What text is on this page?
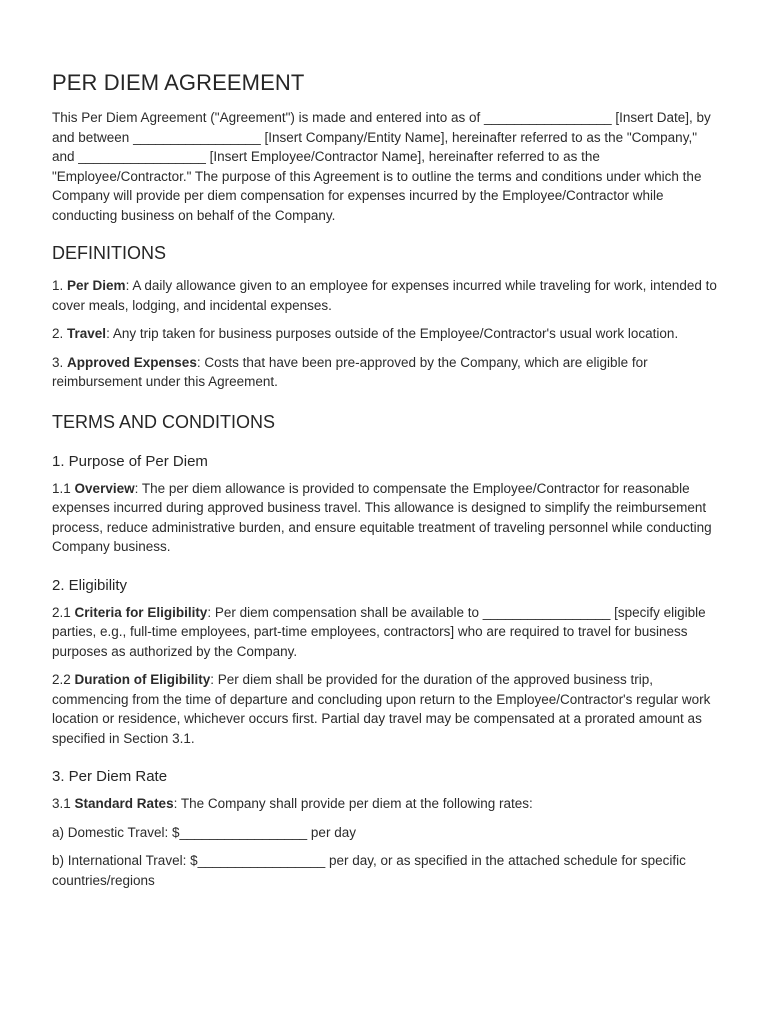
PER DIEM AGREEMENT

This Per Diem Agreement ("Agreement") is made and entered into as of _________________ [Insert Date], by and between _________________ [Insert Company/Entity Name], hereinafter referred to as the "Company," and _________________ [Insert Employee/Contractor Name], hereinafter referred to as the "Employee/Contractor." The purpose of this Agreement is to outline the terms and conditions under which the Company will provide per diem compensation for expenses incurred by the Employee/Contractor while conducting business on behalf of the Company.

DEFINITIONS

1. Per Diem: A daily allowance given to an employee for expenses incurred while traveling for work, intended to cover meals, lodging, and incidental expenses.

2. Travel: Any trip taken for business purposes outside of the Employee/Contractor's usual work location.

3. Approved Expenses: Costs that have been pre-approved by the Company, which are eligible for reimbursement under this Agreement.

TERMS AND CONDITIONS
1. Purpose of Per Diem

1.1 Overview: The per diem allowance is provided to compensate the Employee/Contractor for reasonable expenses incurred during approved business travel. This allowance is designed to simplify the reimbursement process, reduce administrative burden, and ensure equitable treatment of traveling personnel while conducting Company business.

2. Eligibility

2.1 Criteria for Eligibility: Per diem compensation shall be available to _________________ [specify eligible parties, e.g., full-time employees, part-time employees, contractors] who are required to travel for business purposes as authorized by the Company.

2.2 Duration of Eligibility: Per diem shall be provided for the duration of the approved business trip, commencing from the time of departure and concluding upon return to the Employee/Contractor's regular work location or residence, whichever occurs first. Partial day travel may be compensated at a prorated amount as specified in Section 3.1.

3. Per Diem Rate

3.1 Standard Rates: The Company shall provide per diem at the following rates:

a) Domestic Travel: $_________________ per day

b) International Travel: $_________________ per day, or as specified in the attached schedule for specific countries/regions
